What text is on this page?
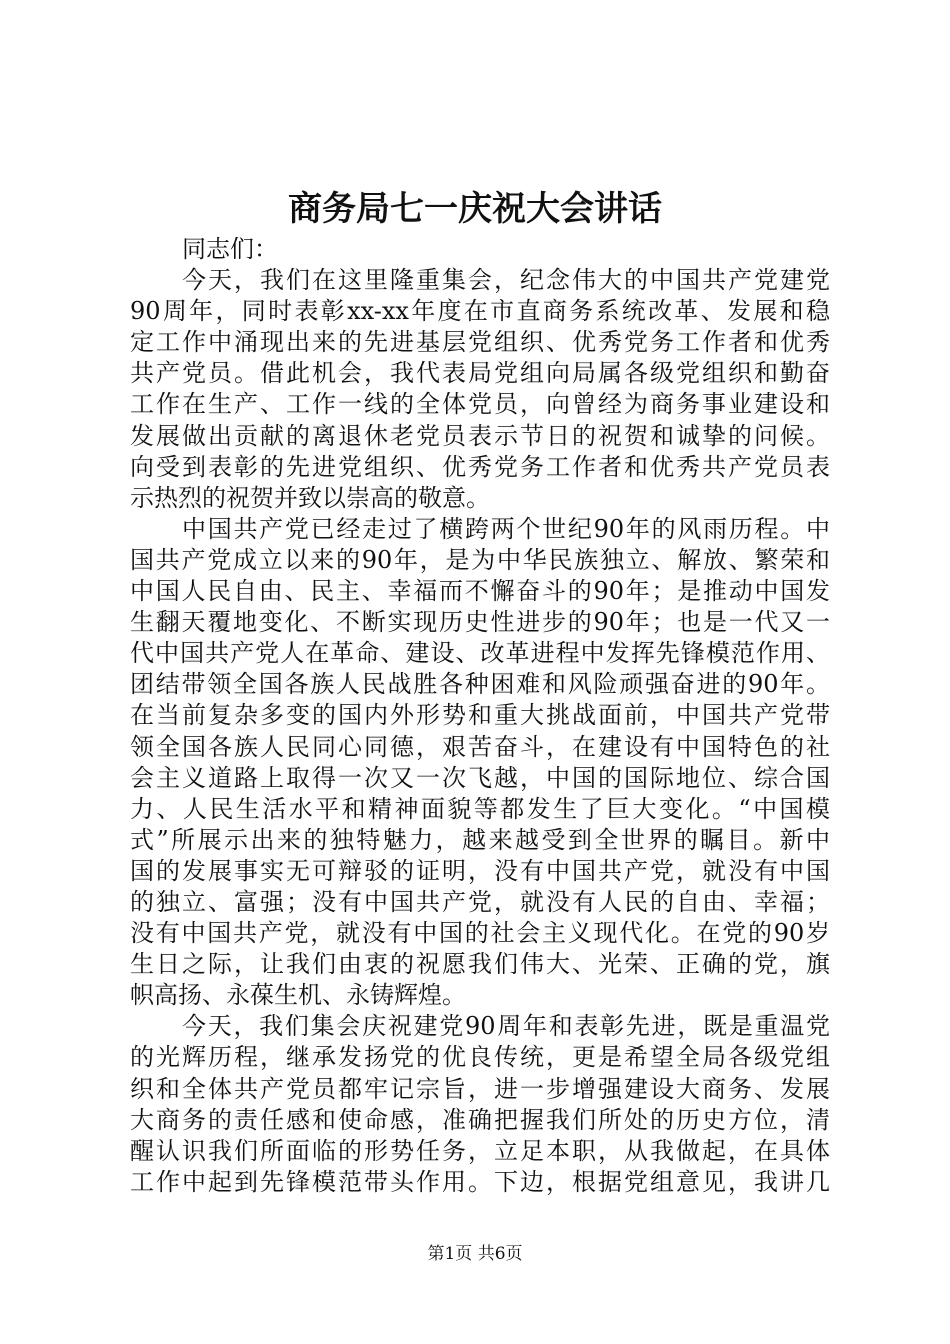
商务局七一庆祝大会讲话
同志们：
今天，我们在这里隆重集会，纪念伟大的中国共产党建党
90周年，同时表彰xx-xx年度在市直商务系统改革、发展和稳
定工作中涌现出来的先进基层党组织、优秀党务工作者和优秀
共产党员。借此机会，我代表局党组向局属各级党组织和勤奋
工作在生产、工作一线的全体党员，向曾经为商务事业建设和
发展做出贡献的离退休老党员表示节日的祝贺和诚挚的问候。
向受到表彰的先进党组织、优秀党务工作者和优秀共产党员表
示热烈的祝贺并致以崇高的敬意。
中国共产党已经走过了横跨两个世纪90年的风雨历程。中
国共产党成立以来的90年，是为中华民族独立、解放、繁荣和
中国人民自由、民主、幸福而不懈奋斗的90年；是推动中国发
生翻天覆地变化、不断实现历史性进步的90年；也是一代又一
代中国共产党人在革命、建设、改革进程中发挥先锋模范作用、
团结带领全国各族人民战胜各种困难和风险顽强奋进的90年。
在当前复杂多变的国内外形势和重大挑战面前，中国共产党带
领全国各族人民同心同德，艰苦奋斗，在建设有中国特色的社
会主义道路上取得一次又一次飞越，中国的国际地位、综合国
力、人民生活水平和精神面貌等都发生了巨大变化。“中国模
式”所展示出来的独特魅力，越来越受到全世界的瞩目。新中
国的发展事实无可辩驳的证明，没有中国共产党，就没有中国
的独立、富强；没有中国共产党，就没有人民的自由、幸福；
没有中国共产党，就没有中国的社会主义现代化。在党的90岁
生日之际，让我们由衷的祝愿我们伟大、光荣、正确的党，旗
帜高扬、永葆生机、永铸辉煌。
今天，我们集会庆祝建党90周年和表彰先进，既是重温党
的光辉历程，继承发扬党的优良传统，更是希望全局各级党组
织和全体共产党员都牢记宗旨，进一步增强建设大商务、发展
大商务的责任感和使命感，准确把握我们所处的历史方位，清
醒认识我们所面临的形势任务，立足本职，从我做起，在具体
工作中起到先锋模范带头作用。下边，根据党组意见，我讲几
第1页 共6页
